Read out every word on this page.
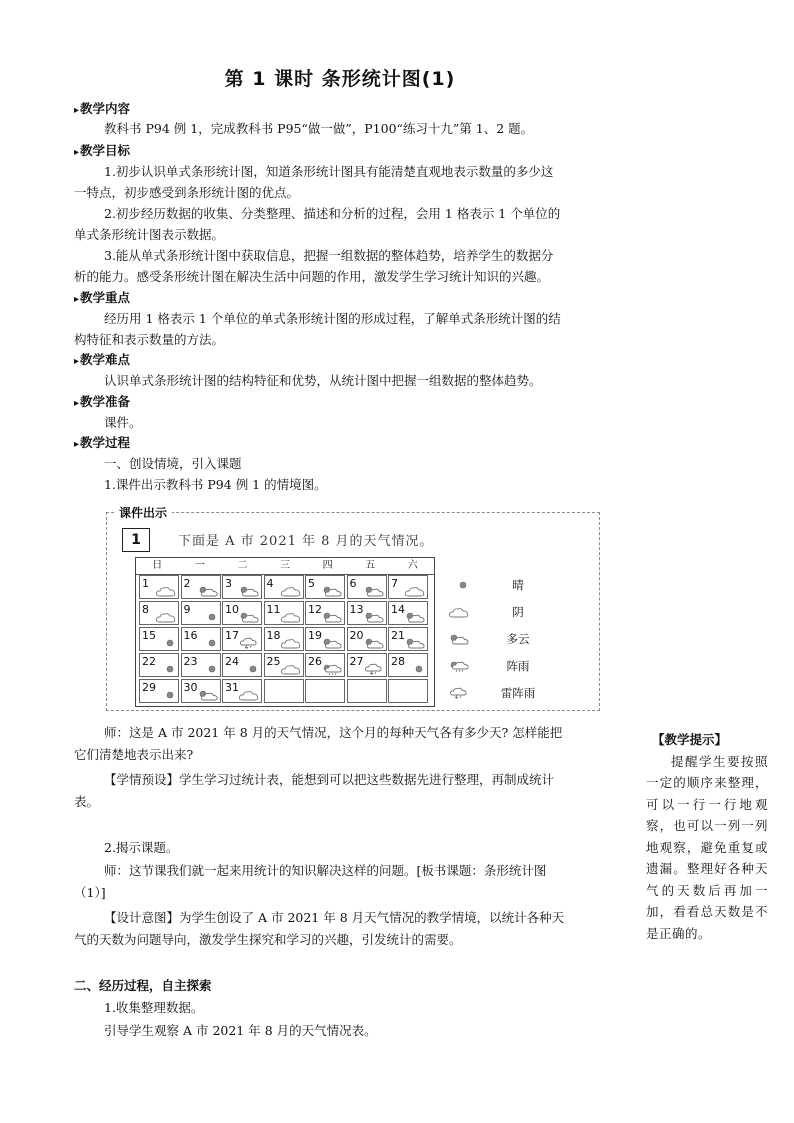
第 1 课时 条形统计图(1)
▸ 教学内容
教科书 P94 例 1，完成教科书 P95“做一做”，P100“练习十九”第 1、2 题。
▸ 教学目标
1.初步认识单式条形统计图，知道条形统计图具有能清楚直观地表示数量的多少这
一特点，初步感受到条形统计图的优点。
2.初步经历数据的收集、分类整理、描述和分析的过程，会用 1 格表示 1 个单位的
单式条形统计图表示数据。
3.能从单式条形统计图中获取信息，把握一组数据的整体趋势，培养学生的数据分
析的能力。感受条形统计图在解决生活中问题的作用，激发学生学习统计知识的兴趣。
▸ 教学重点
经历用 1 格表示 1 个单位的单式条形统计图的形成过程，了解单式条形统计图的结
构特征和表示数量的方法。
▸ 教学难点
认识单式条形统计图的结构特征和优势，从统计图中把握一组数据的整体趋势。
▸ 教学准备
课件。
▸ 教学过程
一、创设情境，引入课题
1.课件出示教科书 P94 例 1 的情境图。
课件出示
1	下面是 A 市 2021 年 8 月的天气情况。
日	一	二	三	四	五	六
1	2	3	4	5	6	7
8	9	10	11	12	13	14
15	16	17	18	19	20	21
22	23	24	25	26	27	28
29	30	31
晴
阴
多云
阵雨
雷阵雨
师：这是 A 市 2021 年 8 月的天气情况，这个月的每种天气各有多少天? 怎样能把
它们清楚地表示出来?
【学情预设】学生学习过统计表，能想到可以把这些数据先进行整理，再制成统计
表。
2.揭示课题。
师：这节课我们就一起来用统计的知识解决这样的问题。[板书课题：条形统计图
（1）]
【设计意图】为学生创设了 A 市 2021 年 8 月天气情况的教学情境，以统计各种天
气的天数为问题导向，激发学生探究和学习的兴趣，引发统计的需要。
二、经历过程，自主探索
1.收集整理数据。
引导学生观察 A 市 2021 年 8 月的天气情况表。
【教学提示】
提醒学生要按照一定的顺序来整理，可以一行一行地观察，也可以一列一列地观察，避免重复或遗漏。整理好各种天气的天数后再加一加，看看总天数是不是正确的。
